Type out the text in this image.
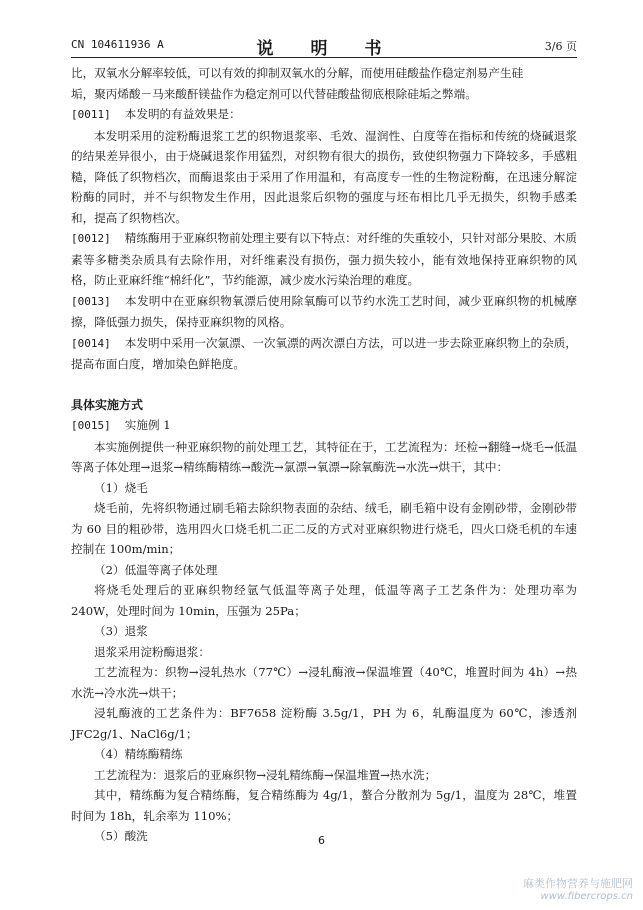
CN 104611936 A	说　明　书	3/6 页

比，双氧水分解率较低，可以有效的抑制双氧水的分解，而使用硅酸盐作稳定剂易产生硅

垢，聚丙烯酸－马来酸酐镁盐作为稳定剂可以代替硅酸盐彻底根除硅垢之弊端。

[0011] 本发明的有益效果是：

本发明采用的淀粉酶退浆工艺的织物退浆率、毛效、湿润性、白度等在指标和传统的烧碱退浆的结果差异很小，由于烧碱退浆作用猛烈，对织物有很大的损伤，致使织物强力下降较多，手感粗糙，降低了织物档次，而酶退浆由于采用了作用温和，有高度专一性的生物淀粉酶，在迅速分解淀粉酶的同时，并不与织物发生作用，因此退浆后织物的强度与坯布相比几乎无损失，织物手感柔和，提高了织物档次。

[0012] 精练酶用于亚麻织物前处理主要有以下特点：对纤维的失重较小，只针对部分果胶、木质素等多糖类杂质具有去除作用，对纤维素没有损伤，强力损失较小，能有效地保持亚麻织物的风格，防止亚麻纤维“棉纤化”，节约能源，减少废水污染治理的难度。

[0013] 本发明中在亚麻织物氧漂后使用除氧酶可以节约水洗工艺时间，减少亚麻织物的机械摩擦，降低强力损失，保持亚麻织物的风格。

[0014] 本发明中采用一次氯漂、一次氧漂的两次漂白方法，可以进一步去除亚麻织物上的杂质，提高布面白度，增加染色鲜艳度。

具体实施方式

[0015] 实施例 1

本实施例提供一种亚麻织物的前处理工艺，其特征在于，工艺流程为：坯检→翻缝→烧毛→低温等离子体处理→退浆→精练酶精练→酸洗→氯漂→氧漂→除氧酶洗→水洗→烘干，其中：

（1）烧毛

烧毛前，先将织物通过刷毛箱去除织物表面的杂结、绒毛，刷毛箱中设有金刚砂带，金刚砂带为 60 目的粗砂带，选用四火口烧毛机二正二反的方式对亚麻织物进行烧毛，四火口烧毛机的车速控制在 100m/min；

（2）低温等离子体处理

将烧毛处理后的亚麻织物经氩气低温等离子处理，低温等离子工艺条件为：处理功率为 240W，处理时间为 10min，压强为 25Pa；

（3）退浆

退浆采用淀粉酶退浆：

工艺流程为：织物→浸轧热水（77℃）→浸轧酶液→保温堆置（40℃，堆置时间为 4h）→热水洗→冷水洗→烘干；

浸轧酶液的工艺条件为：BF7658 淀粉酶 3.5g/1，PH 为 6，轧酶温度为 60℃，渗透剂 JFC2g/1、NaCl6g/1；

（4）精练酶精练

工艺流程为：退浆后的亚麻织物→浸轧精练酶→保温堆置→热水洗；

其中，精练酶为复合精练酶，复合精练酶为 4g/1，螯合分散剂为 5g/1，温度为 28℃，堆置时间为 18h，轧余率为 110%；

（5）酸洗	6
麻类作物营养与施肥网
www.fibercrops.cn
